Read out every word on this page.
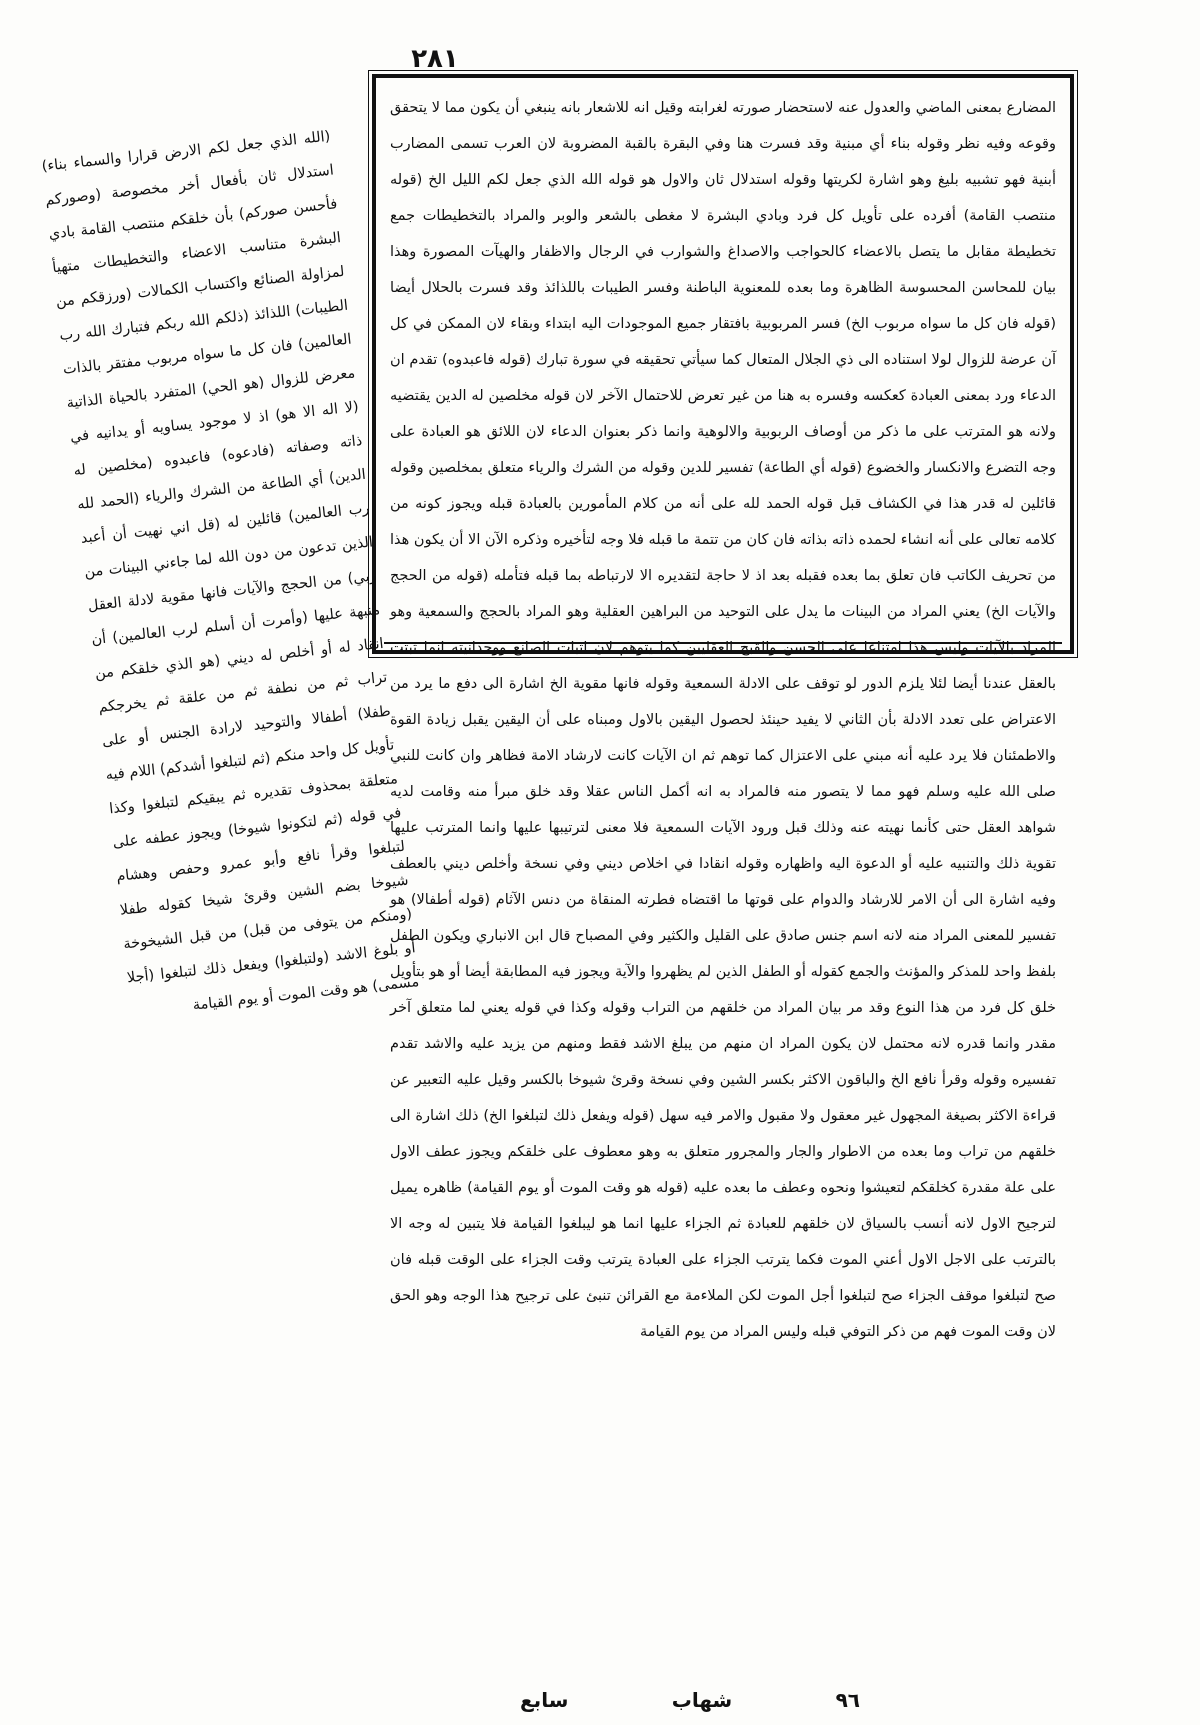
٢٨١

المضارع بمعنى الماضي والعدول عنه لاستحضار صورته لغرابته وقيل انه للاشعار بانه ينبغي أن يكون مما لا يتحقق وقوعه وفيه نظر وقوله بناء أي مبنية وقد فسرت هنا وفي البقرة بالقبة المضروبة لان العرب تسمى المضارب أبنية فهو تشبيه بليغ وهو اشارة لكريتها وقوله استدلال ثان والاول هو قوله الله الذي جعل لكم الليل الخ (قوله منتصب القامة) أفرده على تأويل كل فرد وبادي البشرة لا مغطى بالشعر والوبر والمراد بالتخطيطات جمع تخطيطة مقابل ما يتصل بالاعضاء كالحواجب والاصداغ والشوارب في الرجال والاظفار والهيآت المصورة وهذا بيان للمحاسن المحسوسة الظاهرة وما بعده للمعنوية الباطنة وفسر الطيبات باللذائذ وقد فسرت بالحلال أيضا (قوله فان كل ما سواه مربوب الخ) فسر المربوبية بافتقار جميع الموجودات اليه ابتداء وبقاء لان الممكن في كل آن عرضة للزوال لولا استناده الى ذي الجلال المتعال كما سيأتي تحقيقه في سورة تبارك (قوله فاعبدوه) تقدم ان الدعاء ورد بمعنى العبادة كعكسه وفسره به هنا من غير تعرض للاحتمال الآخر لان قوله مخلصين له الدين يقتضيه ولانه هو المترتب على ما ذكر من أوصاف الربوبية والالوهية وانما ذكر بعنوان الدعاء لان اللائق هو العبادة على وجه التضرع والانكسار والخضوع (قوله أي الطاعة) تفسير للدين وقوله من الشرك والرياء متعلق بمخلصين وقوله قائلين له قدر هذا في الكشاف قبل قوله الحمد لله على أنه من كلام المأمورين بالعبادة قبله ويجوز كونه من كلامه تعالى على أنه انشاء لحمده ذاته بذاته فان كان من تتمة ما قبله فلا وجه لتأخيره وذكره الآن الا أن يكون هذا من تحريف الكاتب فان تعلق بما بعده فقبله بعد اذ لا حاجة لتقديره الا لارتباطه بما قبله فتأمله (قوله من الحجج والآيات الخ) يعني المراد من البينات ما يدل على التوحيد من البراهين العقلية وهو المراد بالحجج والسمعية وهو المراد بالآيات وليس هذا امتناعا على الحسن والقبح العقليين كما يتوهم لان اثبات الصانع ووحدانيته انما ثبتت بالعقل عندنا أيضا لئلا يلزم الدور لو توقف على الادلة السمعية وقوله فانها مقوية الخ اشارة الى دفع ما يرد من الاعتراض على تعدد الادلة بأن الثاني لا يفيد حينئذ لحصول اليقين بالاول ومبناه على أن اليقين يقبل زيادة القوة والاطمئنان فلا يرد عليه أنه مبني على الاعتزال كما توهم ثم ان الآيات كانت لارشاد الامة فظاهر وان كانت للنبي صلى الله عليه وسلم فهو مما لا يتصور منه فالمراد به انه أكمل الناس عقلا وقد خلق مبرأ منه وقامت لديه شواهد العقل حتى كأنما نهيته عنه وذلك قبل ورود الآيات السمعية فلا معنى لترتيبها عليها وانما المترتب عليها تقوية ذلك والتنبيه عليه أو الدعوة اليه واظهاره وقوله انقادا في اخلاص ديني وفي نسخة وأخلص ديني بالعطف وفيه اشارة الى أن الامر للارشاد والدوام على قوتها ما اقتضاه فطرته المنقاة من دنس الآثام (قوله أطفالا) هو تفسير للمعنى المراد منه لانه اسم جنس صادق على القليل والكثير وفي المصباح قال ابن الانباري ويكون الطفل بلفظ واحد للمذكر والمؤنث والجمع كقوله أو الطفل الذين لم يظهروا والآية ويجوز فيه المطابقة أيضا أو هو بتأويل خلق كل فرد من هذا النوع وقد مر بيان المراد من خلقهم من التراب وقوله وكذا في قوله يعني لما متعلق آخر مقدر وانما قدره لانه محتمل لان يكون المراد ان منهم من يبلغ الاشد فقط ومنهم من يزيد عليه والاشد تقدم تفسيره وقوله وقرأ نافع الخ والباقون الاكثر بكسر الشين وفي نسخة وقرئ شيوخا بالكسر وقيل عليه التعبير عن قراءة الاكثر بصيغة المجهول غير معقول ولا مقبول والامر فيه سهل (قوله ويفعل ذلك لتبلغوا الخ) ذلك اشارة الى خلقهم من تراب وما بعده من الاطوار والجار والمجرور متعلق به وهو معطوف على خلقكم ويجوز عطف الاول على علة مقدرة كخلقكم لتعيشوا ونحوه وعطف ما بعده عليه (قوله هو وقت الموت أو يوم القيامة) ظاهره يميل لترجيح الاول لانه أنسب بالسياق لان خلقهم للعبادة ثم الجزاء عليها انما هو ليبلغوا القيامة فلا يتبين له وجه الا بالترتب على الاجل الاول أعني الموت فكما يترتب الجزاء على العبادة يترتب وقت الجزاء على الوقت قبله فان صح لتبلغوا موقف الجزاء صح لتبلغوا أجل الموت لكن الملاءمة مع القرائن تنبئ على ترجيح هذا الوجه وهو الحق لان وقت الموت فهم من ذكر التوفي قبله وليس المراد من يوم القيامة

(الله الذي جعل لكم الارض قرارا والسماء بناء) استدلال ثان بأفعال أخر مخصوصة (وصوركم فأحسن صوركم) بأن خلقكم منتصب القامة بادي البشرة متناسب الاعضاء والتخطيطات متهيأ لمزاولة الصنائع واكتساب الكمالات (ورزقكم من الطيبات) اللذائذ (ذلكم الله ربكم فتبارك الله رب العالمين) فان كل ما سواه مربوب مفتقر بالذات معرض للزوال (هو الحي) المتفرد بالحياة الذاتية (لا اله الا هو) اذ لا موجود يساويه أو يدانيه في ذاته وصفاته (فادعوه) فاعبدوه (مخلصين له الدين) أي الطاعة من الشرك والرياء (الحمد لله رب العالمين) قائلين له (قل اني نهيت أن أعبد الذين تدعون من دون الله لما جاءني البينات من ربي) من الحجج والآيات فانها مقوية لادلة العقل منبهة عليها (وأمرت أن أسلم لرب العالمين) أن انقاد له أو أخلص له ديني (هو الذي خلقكم من تراب ثم من نطفة ثم من علقة ثم يخرجكم طفلا) أطفالا والتوحيد لارادة الجنس أو على تأويل كل واحد منكم (ثم لتبلغوا أشدكم) اللام فيه متعلقة بمحذوف تقديره ثم يبقيكم لتبلغوا وكذا في قوله (ثم لتكونوا شيوخا) ويجوز عطفه على لتبلغوا وقرأ نافع وأبو عمرو وحفص وهشام شيوخا بضم الشين وقرئ شيخا كقوله طفلا (ومنكم من يتوفى من قبل) من قبل الشيخوخة أو بلوغ الاشد (ولتبلغوا) ويفعل ذلك لتبلغوا (أجلا مسمى) هو وقت الموت أو يوم القيامة

٩٦
شهاب
سابع
